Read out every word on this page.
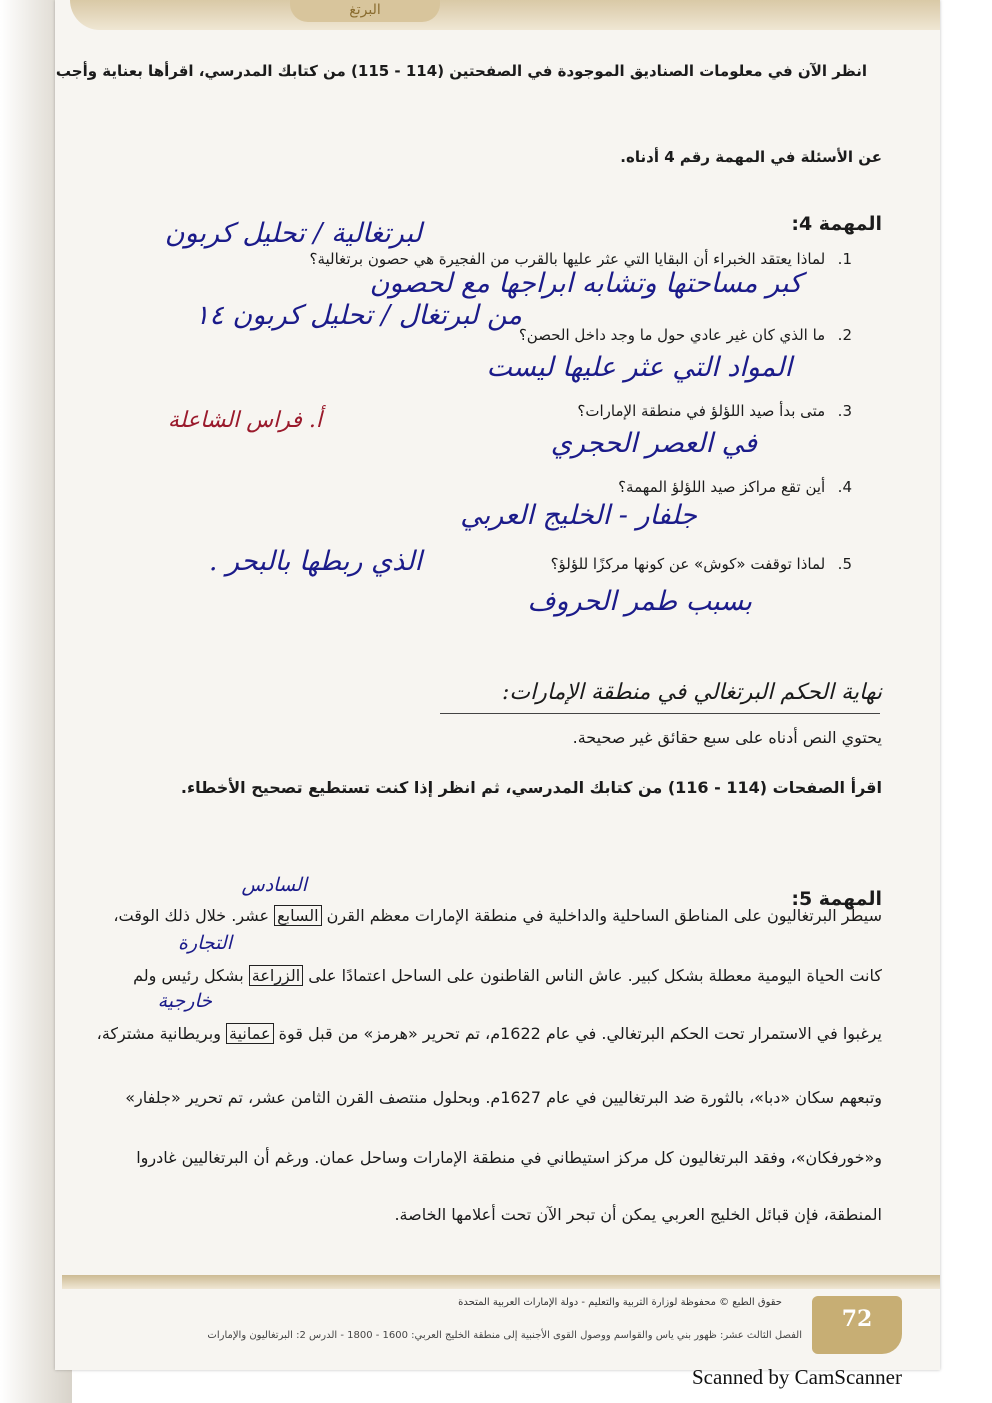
البرتغ
انظر الآن في معلومات الصناديق الموجودة في الصفحتين (114 - 115) من كتابك المدرسي، اقرأها بعناية وأجب
عن الأسئلة في المهمة رقم 4 أدناه.
المهمة 4:
1. لماذا يعتقد الخبراء أن البقايا التي عثر عليها بالقرب من الفجيرة هي حصون برتغالية؟
لبرتغالية / تحليل كربون
كبر مساحتها وتشابه ابراجها مع لحصون
2. ما الذي كان غير عادي حول ما وجد داخل الحصن؟
من لبرتغال / تحليل كربون ١٤
المواد التي عثر عليها ليست
3. متى بدأ صيد اللؤلؤ في منطقة الإمارات؟
أ. فراس الشاعلة
في العصر الحجري
4. أين تقع مراكز صيد اللؤلؤ المهمة؟
جلفار - الخليج العربي
5. لماذا توقفت «كوش» عن كونها مركزًا للؤلؤ؟
الذي ربطها بالبحر .
بسبب طمر الحروف
نهاية الحكم البرتغالي في منطقة الإمارات:
يحتوي النص أدناه على سبع حقائق غير صحيحة.
اقرأ الصفحات (114 - 116) من كتابك المدرسي، ثم انظر إذا كنت تستطيع تصحيح الأخطاء.
المهمة 5:
السادس
التجارة
خارجية
سيطر البرتغاليون على المناطق الساحلية والداخلية في منطقة الإمارات معظم القرن السابع عشر. خلال ذلك الوقت،
كانت الحياة اليومية معطلة بشكل كبير. عاش الناس القاطنون على الساحل اعتمادًا على الزراعة بشكل رئيس ولم
يرغبوا في الاستمرار تحت الحكم البرتغالي. في عام 1622م، تم تحرير «هرمز» من قبل قوة عمانية وبريطانية مشتركة،
وتبعهم سكان «دبا»، بالثورة ضد البرتغاليين في عام 1627م. وبحلول منتصف القرن الثامن عشر، تم تحرير «جلفار»
و«خورفكان»، وفقد البرتغاليون كل مركز استيطاني في منطقة الإمارات وساحل عمان. ورغم أن البرتغاليين غادروا
المنطقة، فإن قبائل الخليج العربي يمكن أن تبحر الآن تحت أعلامها الخاصة.
حقوق الطبع © محفوظة لوزارة التربية والتعليم - دولة الإمارات العربية المتحدة
72
الفصل الثالث عشر: ظهور بني ياس والقواسم ووصول القوى الأجنبية إلى منطقة الخليج العربي: 1600 - 1800 - الدرس 2: البرتغاليون والإمارات
Scanned by CamScanner
